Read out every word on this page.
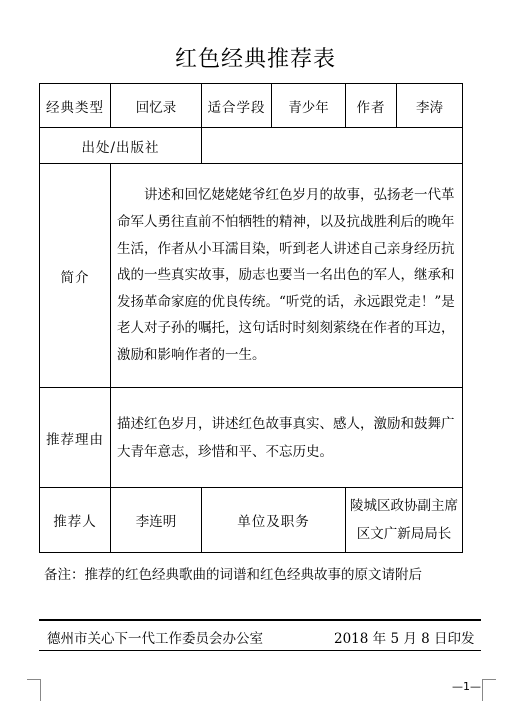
红色经典推荐表
经典类型	回忆录	适合学段	青少年	作者	李涛
出处/出版社					
简介	讲述和回忆姥姥姥爷红色岁月的故事，弘扬老一代革命军人勇往直前不怕牺牲的精神，以及抗战胜利后的晚年生活，作者从小耳濡目染，听到老人讲述自己亲身经历抗战的一些真实故事，励志也要当一名出色的军人，继承和发扬革命家庭的优良传统。“听党的话，永远跟党走！”是老人对子孙的嘱托，这句话时时刻刻萦绕在作者的耳边，激励和影响作者的一生。				

推荐理由	描述红色岁月，讲述红色故事真实、感人，激励和鼓舞广大青年意志，珍惜和平、不忘历史。				
推荐人	李连明	单位及职务		陵城区政协副主席
区文广新局局长	
备注：推荐的红色经典歌曲的词谱和红色经典故事的原文请附后
德州市关心下一代工作委员会办公室	2018 年 5 月 8 日印发
—1—
